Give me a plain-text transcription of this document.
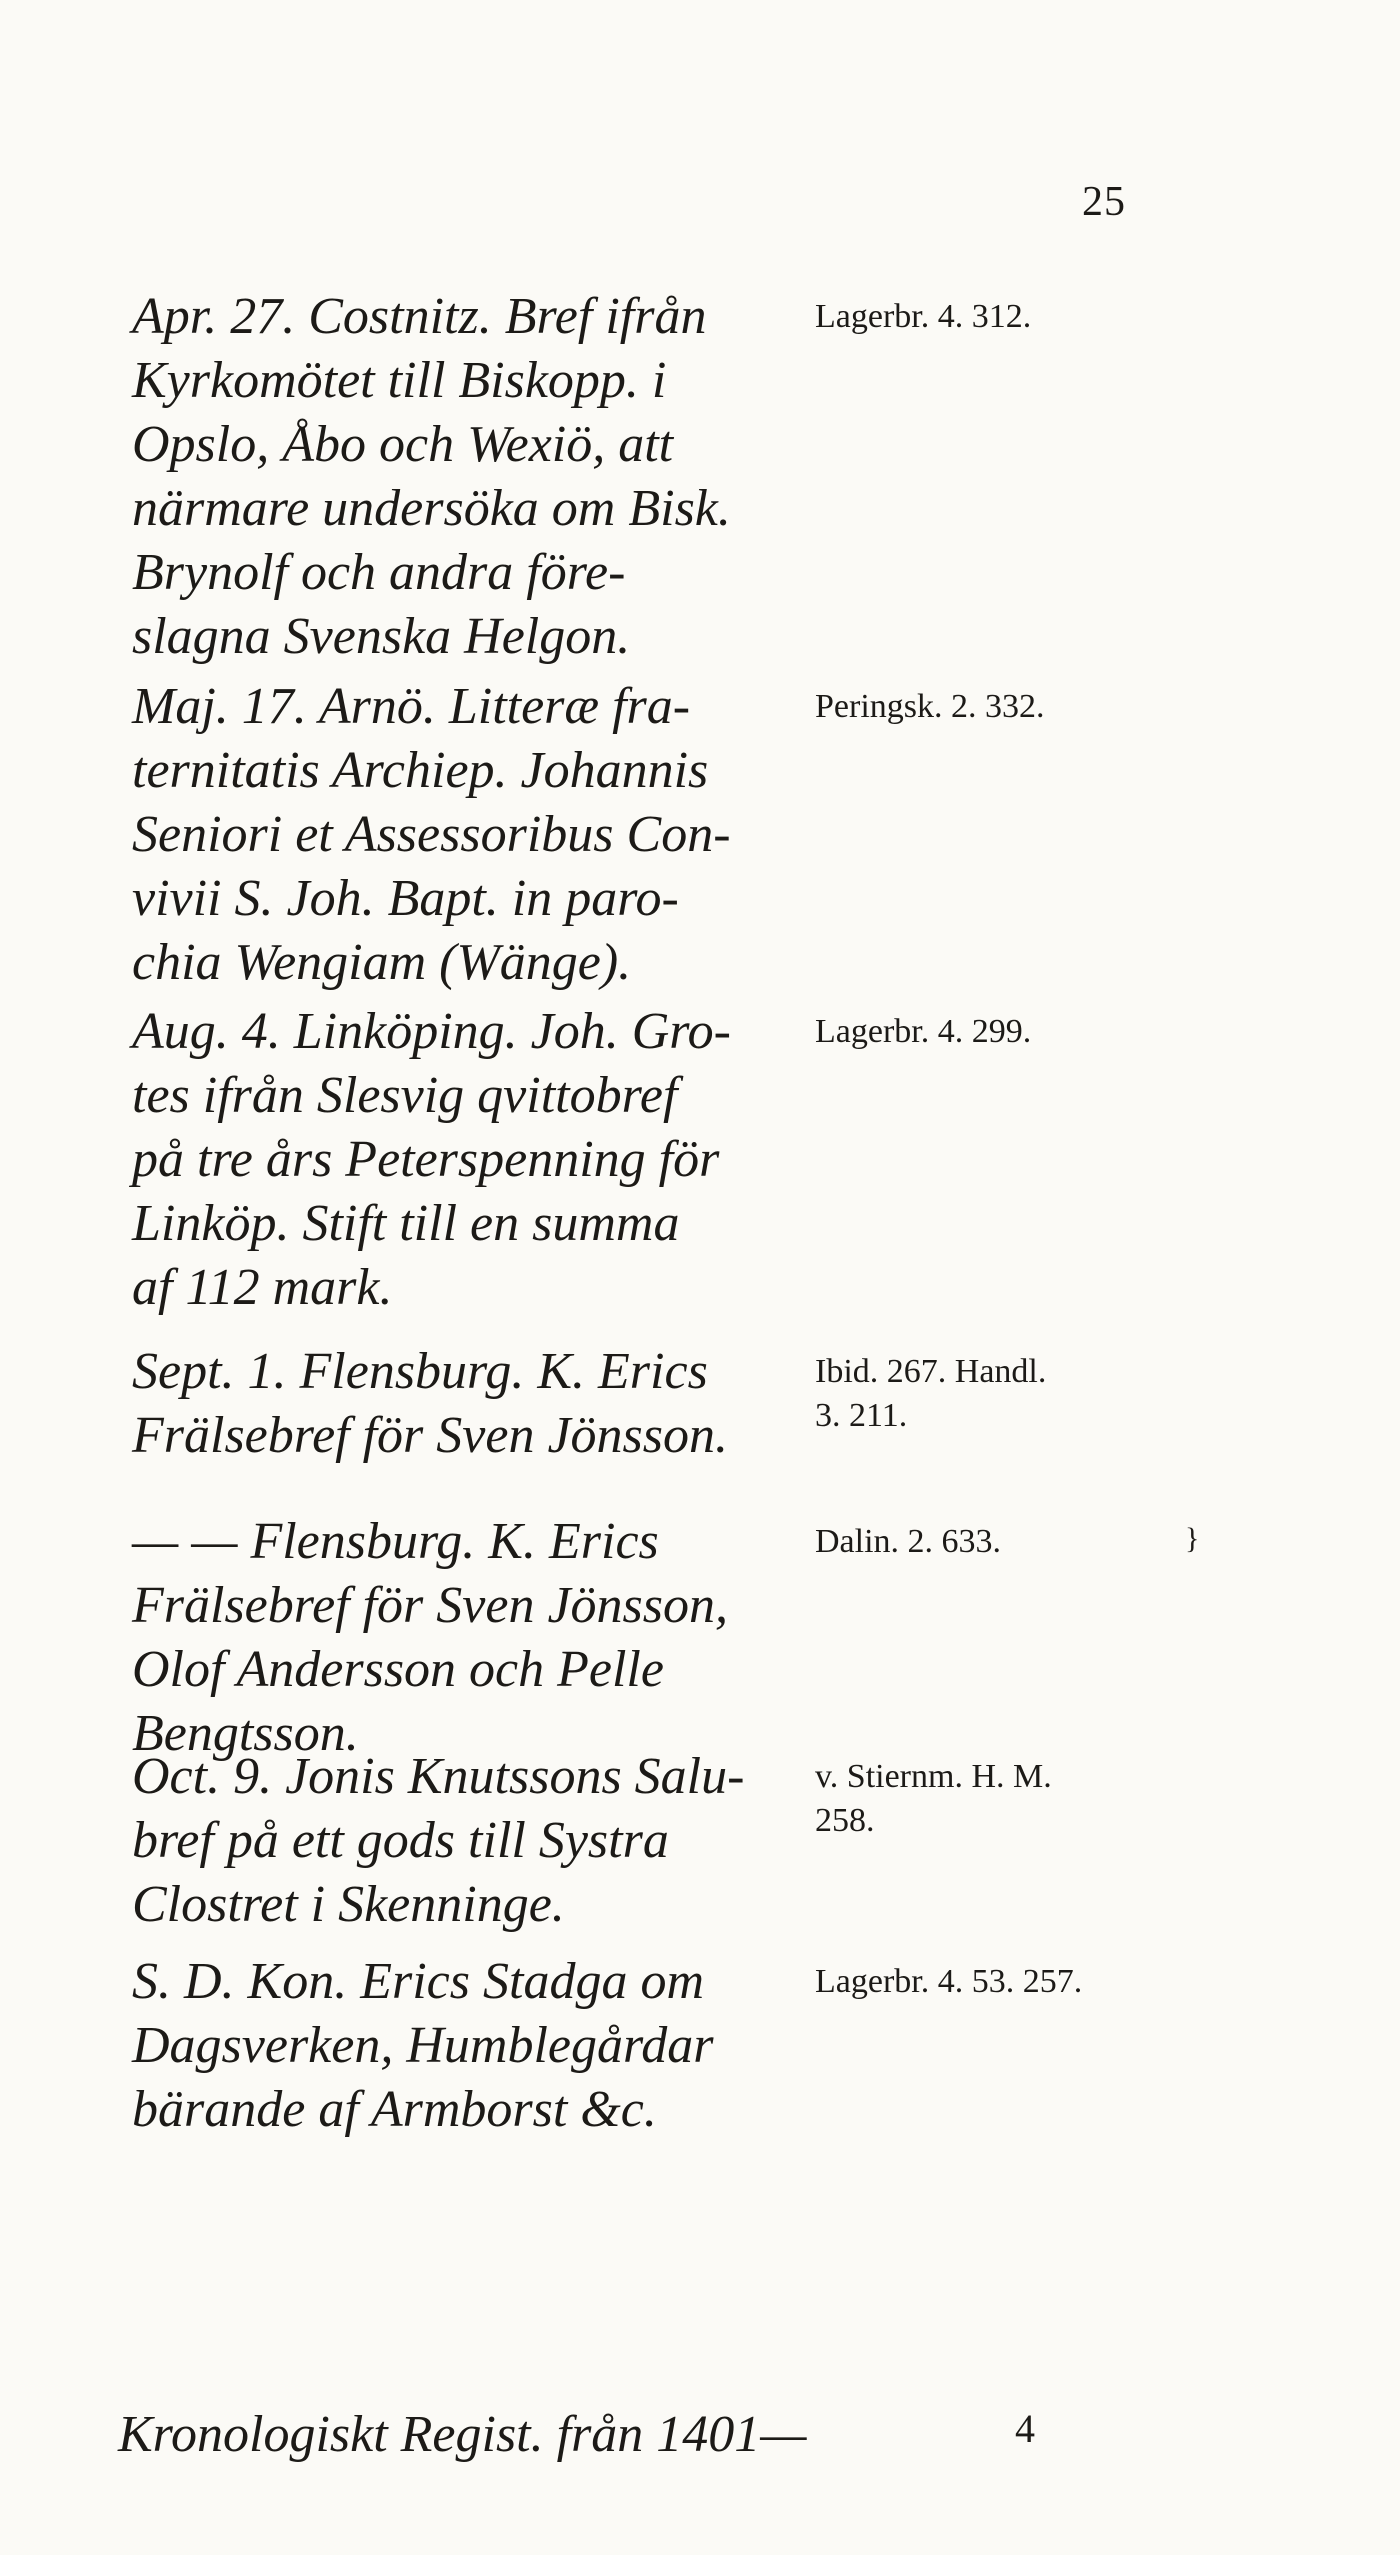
25
Apr. 27. Costnitz. Bref ifrån
Kyrkomötet till Biskopp. i
Opslo, Åbo och Wexiö, att
närmare undersöka om Bisk.
Brynolf och andra före-
slagna Svenska Helgon.
Lagerbr. 4. 312.
Maj. 17. Arnö. Litteræ fra-
ternitatis Archiep. Johannis
Seniori et Assessoribus Con-
vivii S. Joh. Bapt. in paro-
chia Wengiam (Wänge).
Peringsk. 2. 332.
Aug. 4. Linköping. Joh. Gro-
tes ifrån Slesvig qvittobref
på tre års Peterspenning för
Linköp. Stift till en summa
af 112 mark.
Lagerbr. 4. 299.
Sept. 1. Flensburg. K. Erics
Frälsebref för Sven Jönsson.
Ibid. 267. Handl.
3. 211.
— — Flensburg. K. Erics
Frälsebref för Sven Jönsson,
Olof Andersson och Pelle
Bengtsson.
Dalin. 2. 633.	}
Oct. 9. Jonis Knutssons Salu-
bref på ett gods till Systra
Clostret i Skenninge.
v. Stiernm. H. M.
258.
S. D. Kon. Erics Stadga om
Dagsverken, Humblegårdar
bärande af Armborst &c.
Lagerbr. 4. 53. 257.
Kronologiskt Regist. från 1401—	4
